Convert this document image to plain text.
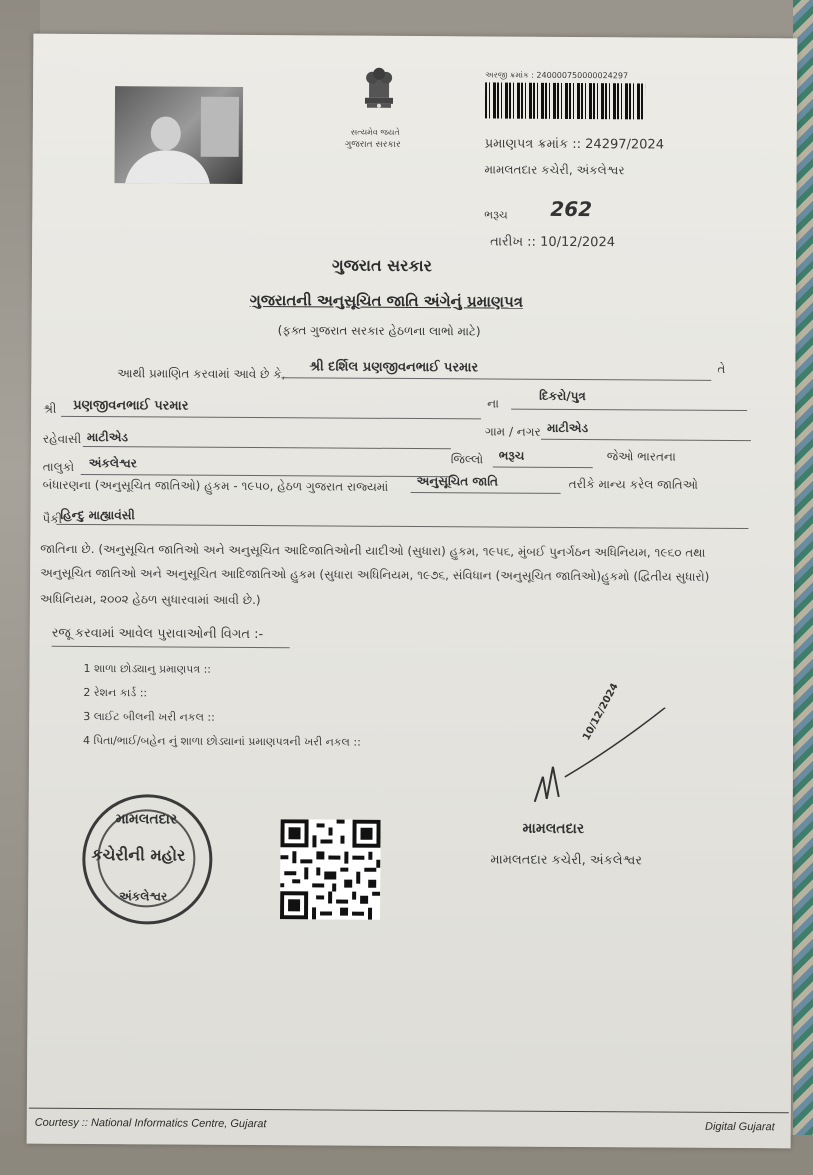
સત્યમેવ જયતે
ગુજરાત સરકાર
અરજી ક્રમાંક : 240000750000024297
પ્રમાણપત્ર ક્રમાંક :: 24297/2024
મામલતદાર કચેરી, અંકલેશ્વર
ભરૂચ 262
તારીખ :: 10/12/2024
ગુજરાત સરકાર
ગુજરાતની અનુસૂચિત જાતિ અંગેનું પ્રમાણપત્ર
(ફક્ત ગુજરાત સરકાર હેઠળના લાભો માટે)
આથી પ્રમાણિત કરવામાં આવે છે કે, શ્રી દર્શિલ પ્રણજીવનભાઈ પરમાર	તે
શ્રી પ્રણજીવનભાઈ પરમાર	ના
દિકરો/પુત્ર
રહેવાસી માટીએડ	ગામ / નગર માટીએડ
તાલુકો અંકલેશ્વર	જિલ્લો ભરૂચ	જેઓ ભારતના
બંધારણના (અનુસૂચિત જાતિઓ) હુકમ - ૧૯૫૦, હેઠળ ગુજરાત રાજ્યમાં અનુસૂચિત જાતિ	તરીકે માન્ય કરેલ જાતિઓ
પૈકી
હિન્દુ માહ્યાવંસી
જાતિના છે. (અનુસૂચિત જાતિઓ અને અનુસૂચિત આદિજાતિઓની યાદીઓ (સુધારા) હુકમ, ૧૯૫૬, મુંબઈ પુનર્ગઠન અધિનિયમ, ૧૯૬૦ તથા
અનુસૂચિત જાતિઓ અને અનુસૂચિત આદિજાતિઓ હુકમ (સુધારા અધિનિયમ, ૧૯૭૬, સંવિધાન (અનુસૂચિત જાતિઓ)હુકમો (દ્વિતીય સુધારો)
અધિનિયમ, ૨૦૦૨ હેઠળ સુધારવામાં આવી છે.)
રજૂ કરવામાં આવેલ પુરાવાઓની વિગત :-
1 શાળા છોડ્યાનુ પ્રમાણપત્ર ::
2 રેશન કાર્ડ ::
3 લાઈટ બીલની ખરી નકલ ::
4 પિતા/ભાઈ/બહેન નું શાળા છોડ્યાનાં પ્રમાણપત્રની ખરી નકલ ::
મામલતદાર
કચેરીની મહોર
અંકલેશ્વર
10/12/2024
મામલતદાર
મામલતદાર કચેરી, અંકલેશ્વર
Courtesy :: National Informatics Centre, Gujarat	Digital Gujarat
